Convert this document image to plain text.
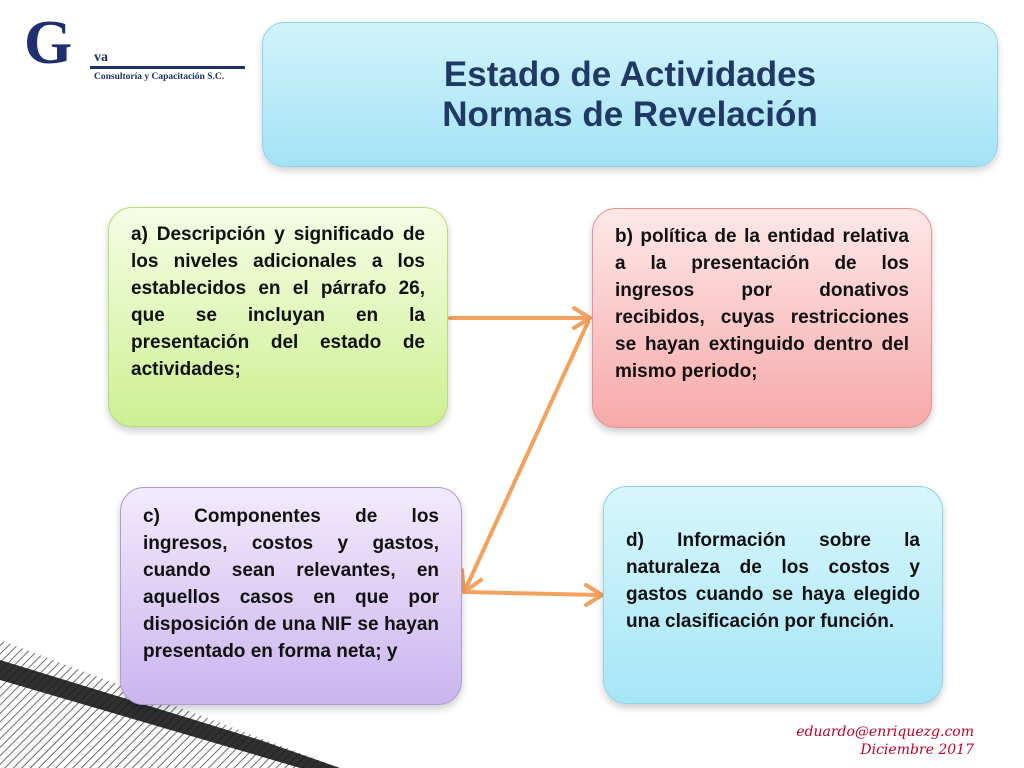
G va
Consultoría y Capacitación S.C.	Estado de Actividades
Normas de Revelación
a) Descripción y significado de los niveles adicionales a los establecidos en el párrafo 26, que se incluyan en la presentación del estado de actividades;
b) política de la entidad relativa a la presentación de los ingresos por donativos recibidos, cuyas restricciones se hayan extinguido dentro del mismo periodo;
c) Componentes de los ingresos, costos y gastos, cuando sean relevantes, en aquellos casos en que por disposición de una NIF se hayan presentado en forma neta; y
d) Información sobre la naturaleza de los costos y gastos cuando se haya elegido una clasificación por función.
eduardo@enriquezg.com
Diciembre 2017
